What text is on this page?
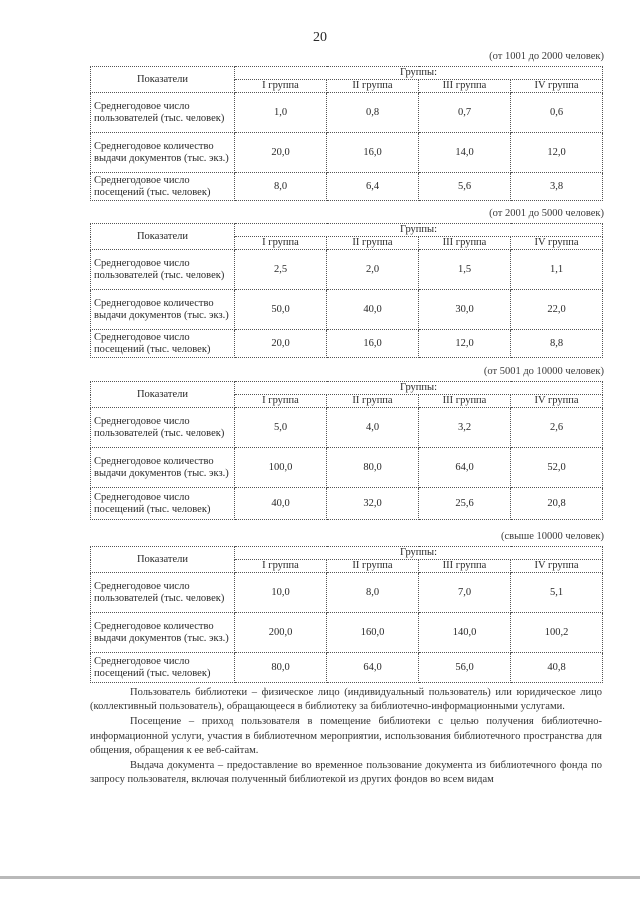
20
(от 1001 до 2000 человек)
Показатели	Группы:			
	I группа	II группа	III группа	IV группа
Среднегодовое число пользователей (тыс. человек)	1,0	0,8	0,7	0,6
Среднегодовое количество выдачи документов (тыс. экз.)	20,0	16,0	14,0	12,0
Среднегодовое число посещений (тыс. человек)	8,0	6,4	5,6	3,8
(от 2001 до 5000 человек)
Показатели	Группы:			
	I группа	II группа	III группа	IV группа
Среднегодовое число пользователей (тыс. человек)	2,5	2,0	1,5	1,1
Среднегодовое количество выдачи документов (тыс. экз.)	50,0	40,0	30,0	22,0
Среднегодовое число посещений (тыс. человек)	20,0	16,0	12,0	8,8
(от 5001 до 10000 человек)
Показатели	Группы:			
	I группа	II группа	III группа	IV группа
Среднегодовое число пользователей (тыс. человек)	5,0	4,0	3,2	2,6
Среднегодовое количество выдачи документов (тыс. экз.)	100,0	80,0	64,0	52,0
Среднегодовое число посещений (тыс. человек)	40,0	32,0	25,6	20,8
(свыше 10000 человек)
Показатели	Группы:			
	I группа	II группа	III группа	IV группа
Среднегодовое число пользователей (тыс. человек)	10,0	8,0	7,0	5,1
Среднегодовое количество выдачи документов (тыс. экз.)	200,0	160,0	140,0	100,2
Среднегодовое число посещений (тыс. человек)	80,0	64,0	56,0	40,8

Пользователь библиотеки – физическое лицо (индивидуальный пользователь) или юридическое лицо (коллективный пользователь), обращающееся в библиотеку за библиотечно-информационными услугами.

Посещение – приход пользователя в помещение библиотеки с целью получения библиотечно-информационной услуги, участия в библиотечном мероприятии, использования библиотечного пространства для общения, обращения к ее веб-сайтам.

Выдача документа – предоставление во временное пользование документа из библиотечного фонда по запросу пользователя, включая полученный библиотекой из других фондов во всем видам
